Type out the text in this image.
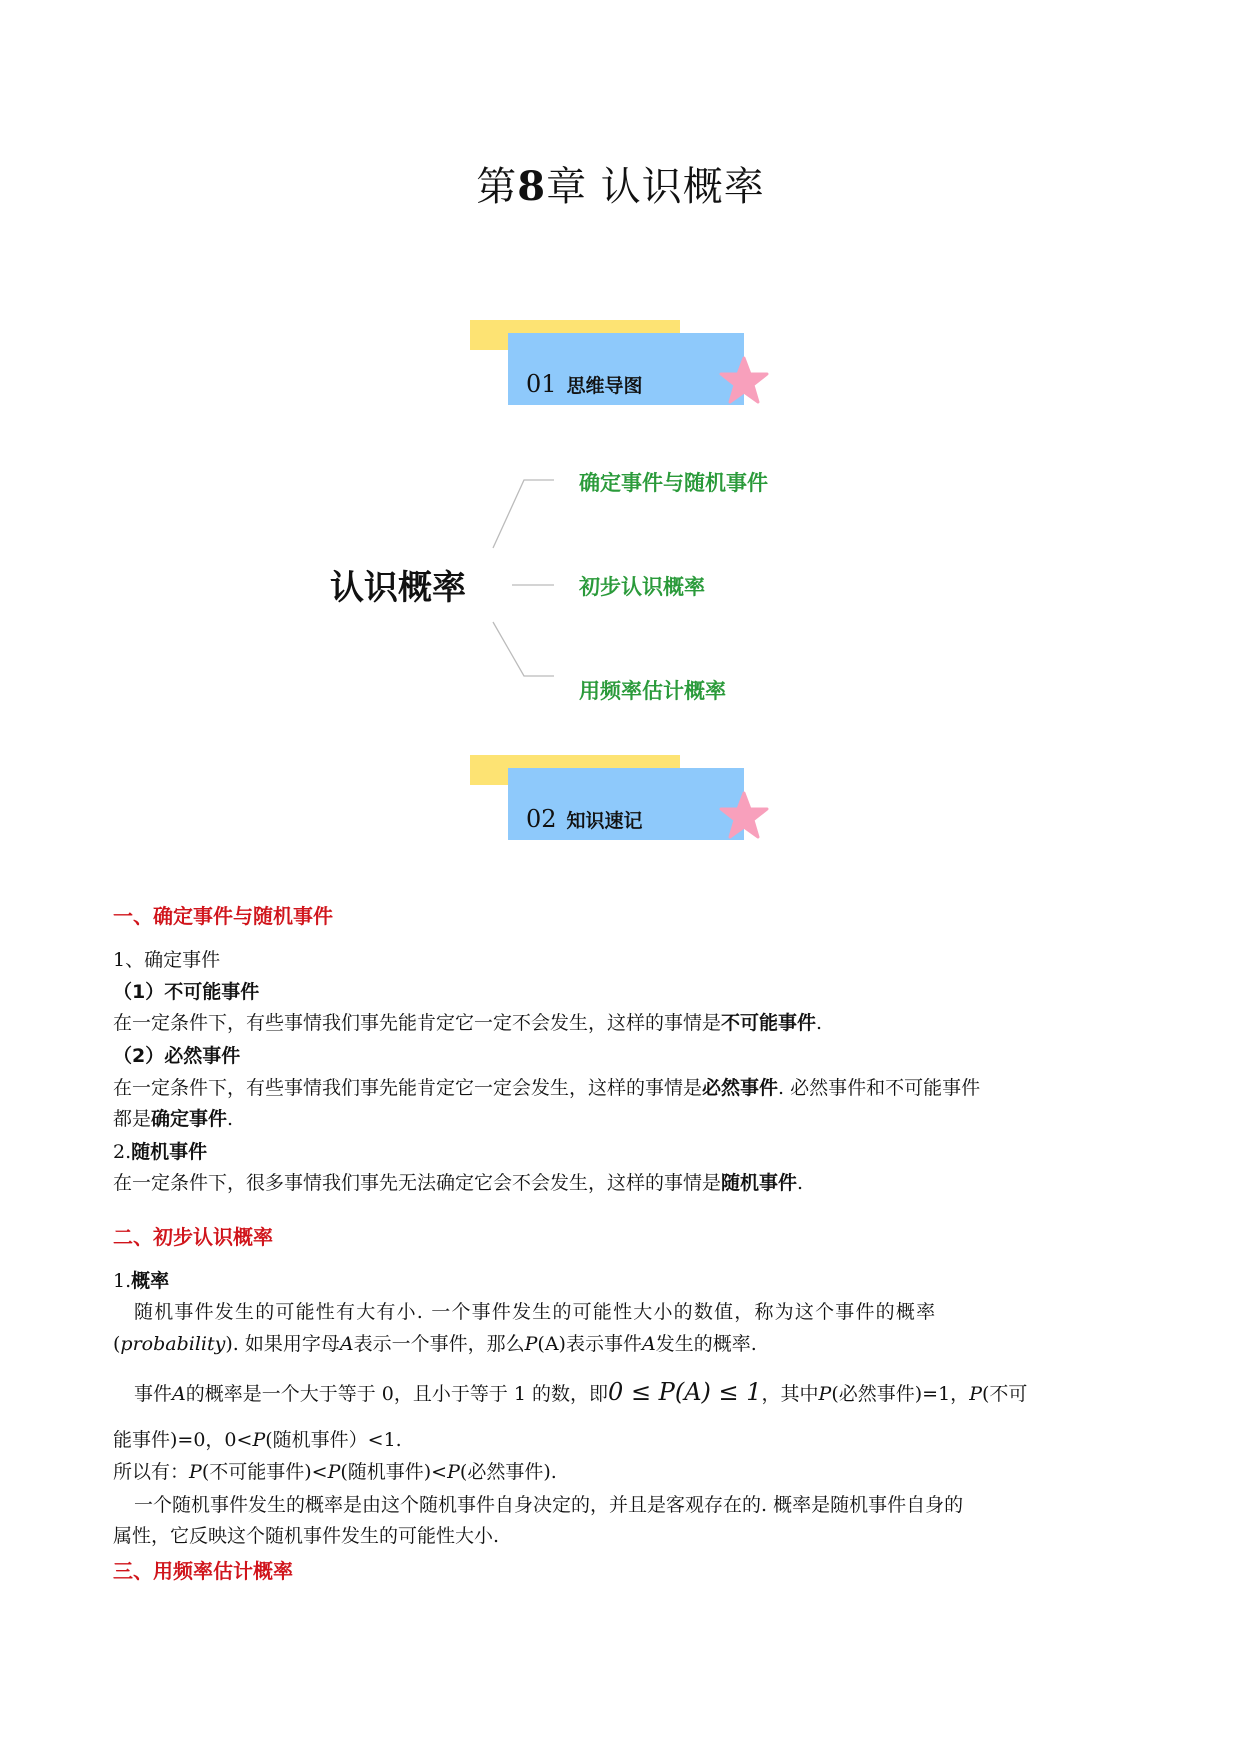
第8章 认识概率
01 思维导图
认识概率
确定事件与随机事件
初步认识概率
用频率估计概率
02 知识速记
一、确定事件与随机事件
1、确定事件
（1）不可能事件
在一定条件下，有些事情我们事先能肯定它一定不会发生，这样的事情是不可能事件.
（2）必然事件
在一定条件下，有些事情我们事先能肯定它一定会发生，这样的事情是必然事件. 必然事件和不可能事件
都是确定事件.
2.随机事件
在一定条件下，很多事情我们事先无法确定它会不会发生，这样的事情是随机事件.
二、初步认识概率
1.概率
随机事件发生的可能性有大有小. 一个事件发生的可能性大小的数值，称为这个事件的概率
(probability). 如果用字母A表示一个事件，那么P(A)表示事件A发生的概率.
事件A的概率是一个大于等于 0，且小于等于 1 的数，即0 ≤ P(A) ≤ 1，其中P(必然事件)=1，P(不可
能事件)=0，0<P(随机事件）<1.
所以有：P(不可能事件)<P(随机事件)<P(必然事件).
一个随机事件发生的概率是由这个随机事件自身决定的，并且是客观存在的. 概率是随机事件自身的
属性，它反映这个随机事件发生的可能性大小.
三、用频率估计概率
